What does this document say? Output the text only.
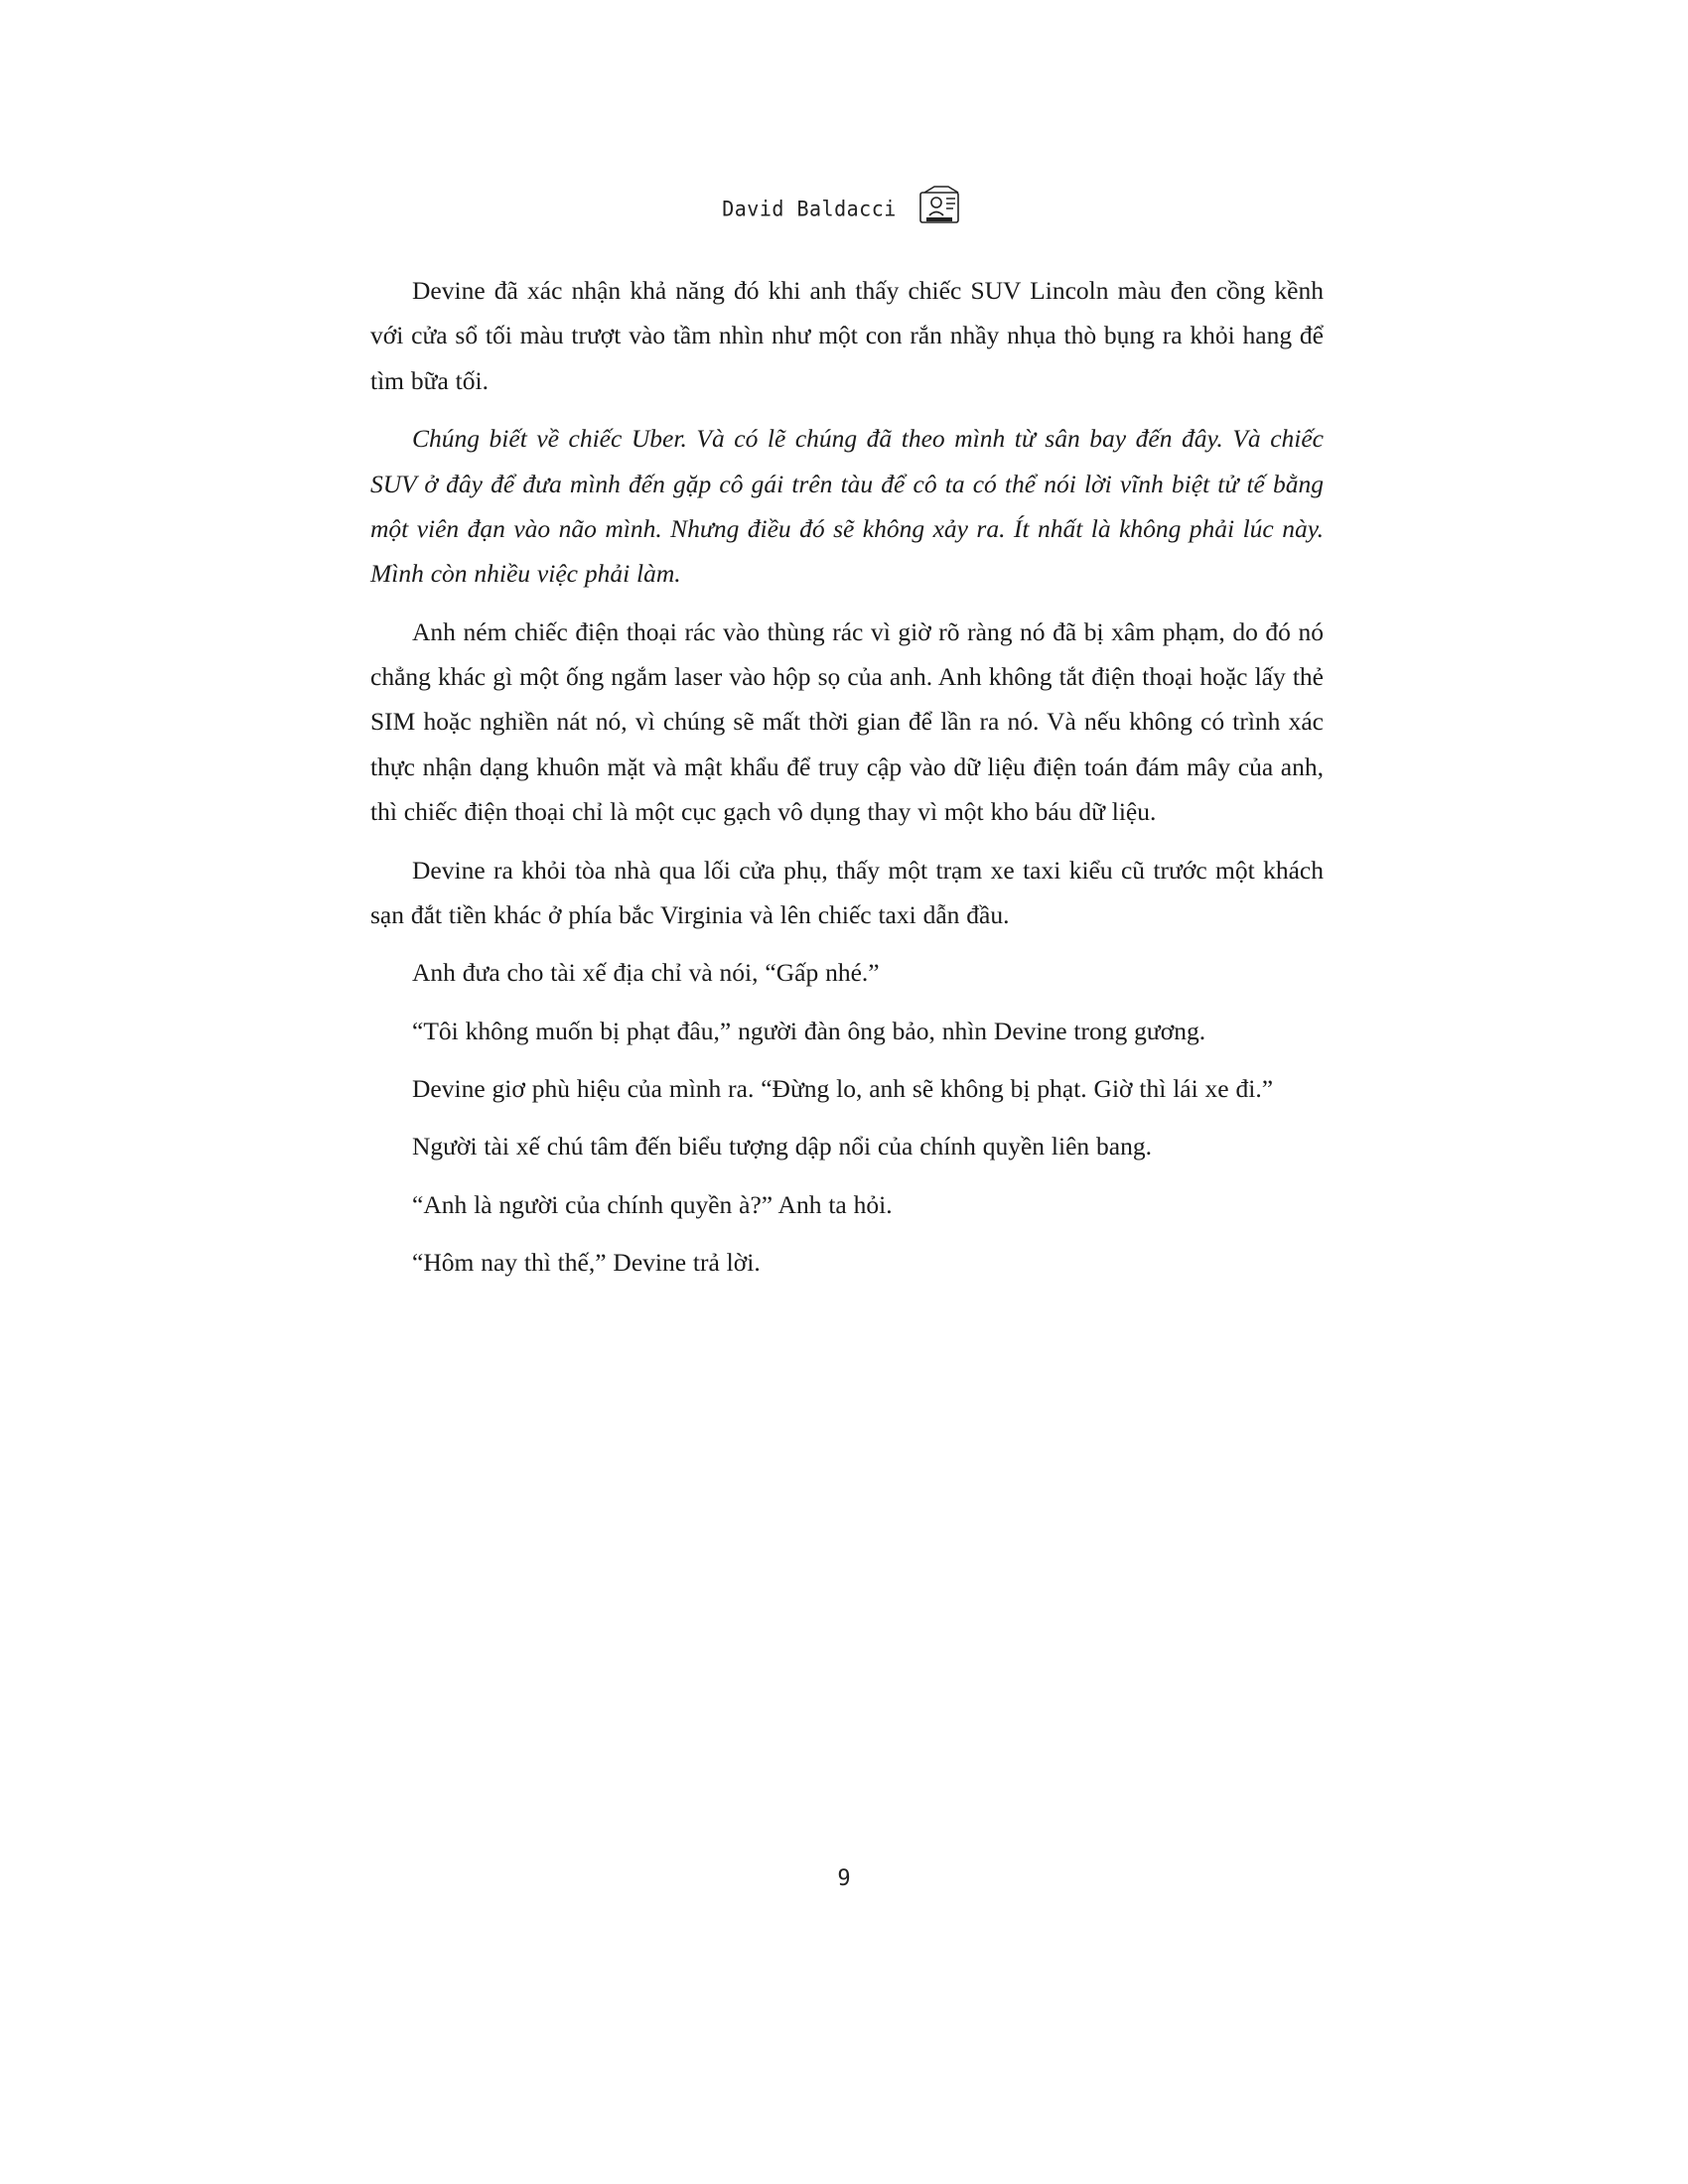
David Baldacci

Devine đã xác nhận khả năng đó khi anh thấy chiếc SUV Lincoln màu đen cồng kềnh với cửa sổ tối màu trượt vào tầm nhìn như một con rắn nhầy nhụa thò bụng ra khỏi hang để tìm bữa tối.

Chúng biết về chiếc Uber. Và có lẽ chúng đã theo mình từ sân bay đến đây. Và chiếc SUV ở đây để đưa mình đến gặp cô gái trên tàu để cô ta có thể nói lời vĩnh biệt tử tế bằng một viên đạn vào não mình. Nhưng điều đó sẽ không xảy ra. Ít nhất là không phải lúc này. Mình còn nhiều việc phải làm.

Anh ném chiếc điện thoại rác vào thùng rác vì giờ rõ ràng nó đã bị xâm phạm, do đó nó chẳng khác gì một ống ngắm laser vào hộp sọ của anh. Anh không tắt điện thoại hoặc lấy thẻ SIM hoặc nghiền nát nó, vì chúng sẽ mất thời gian để lần ra nó. Và nếu không có trình xác thực nhận dạng khuôn mặt và mật khẩu để truy cập vào dữ liệu điện toán đám mây của anh, thì chiếc điện thoại chỉ là một cục gạch vô dụng thay vì một kho báu dữ liệu.

Devine ra khỏi tòa nhà qua lối cửa phụ, thấy một trạm xe taxi kiểu cũ trước một khách sạn đắt tiền khác ở phía bắc Virginia và lên chiếc taxi dẫn đầu.

Anh đưa cho tài xế địa chỉ và nói, “Gấp nhé.”

“Tôi không muốn bị phạt đâu,” người đàn ông bảo, nhìn Devine trong gương.

Devine giơ phù hiệu của mình ra. “Đừng lo, anh sẽ không bị phạt. Giờ thì lái xe đi.”

Người tài xế chú tâm đến biểu tượng dập nổi của chính quyền liên bang.

“Anh là người của chính quyền à?” Anh ta hỏi.

“Hôm nay thì thế,” Devine trả lời.

9
